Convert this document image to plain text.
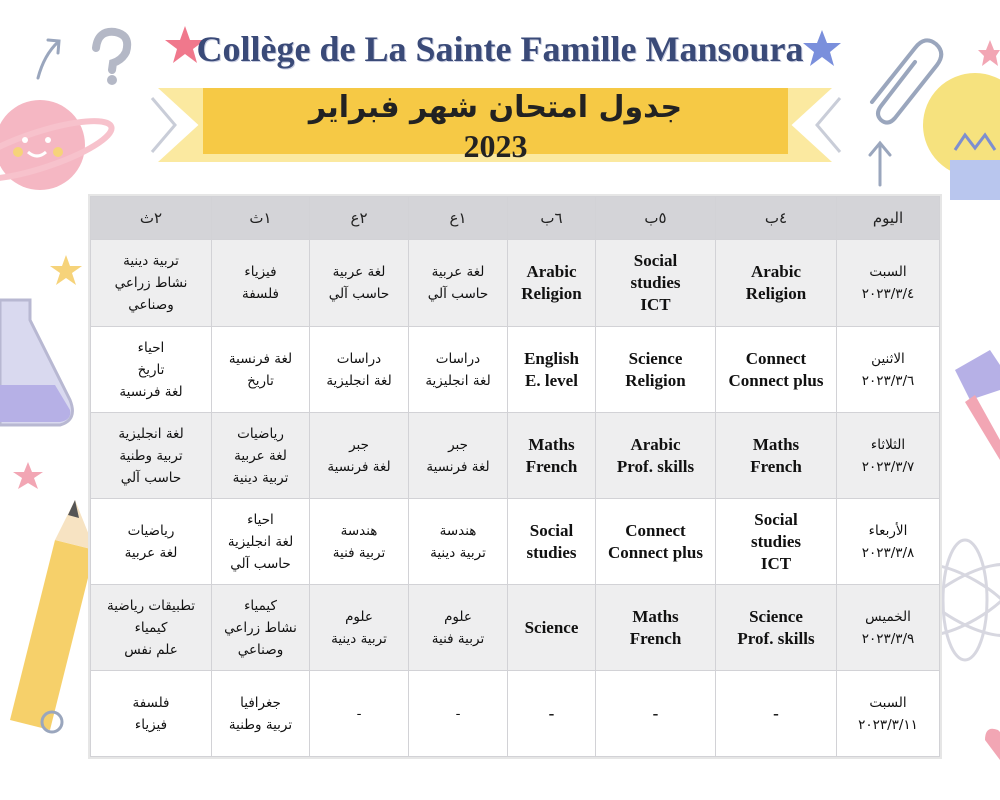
Collège de La Sainte Famille Mansoura
جدول امتحان شهر فبراير
2023
٢ث	١ث	٢ع	١ع	٦ب	٥ب	٤ب	اليوم

تربية دينية
نشاط زراعي
وصناعي	فيزياء
فلسفة	لغة عربية
حاسب آلي	لغة عربية
حاسب آلي	Arabic
Religion	Social
studies
ICT	Arabic
Religion	السبت
٢٠٢٣/٣/٤

احياء
تاريخ
لغة فرنسية	لغة فرنسية
تاريخ	دراسات
لغة انجليزية	دراسات
لغة انجليزية	English
E. level	Science
Religion	Connect
Connect plus	الاثنين
٢٠٢٣/٣/٦

لغة انجليزية
تربية وطنية
حاسب آلي	رياضيات
لغة عربية
تربية دينية	جبر
لغة فرنسية	جبر
لغة فرنسية	Maths
French	Arabic
Prof. skills	Maths
French	الثلاثاء
٢٠٢٣/٣/٧

رياضيات
لغة عربية	احياء
لغة انجليزية
حاسب آلي	هندسة
تربية فنية	هندسة
تربية دينية	Social
studies	Connect
Connect plus	Social
studies
ICT	الأربعاء
٢٠٢٣/٣/٨

تطبيقات رياضية
كيمياء
علم نفس	كيمياء
نشاط زراعي
وصناعي	علوم
تربية دينية	علوم
تربية فنية	Science	Maths
French	Science
Prof. skills	الخميس
٢٠٢٣/٣/٩

فلسفة
فيزياء	جغرافيا
تربية وطنية	-	-	-	-	-	السبت
٢٠٢٣/٣/١١
